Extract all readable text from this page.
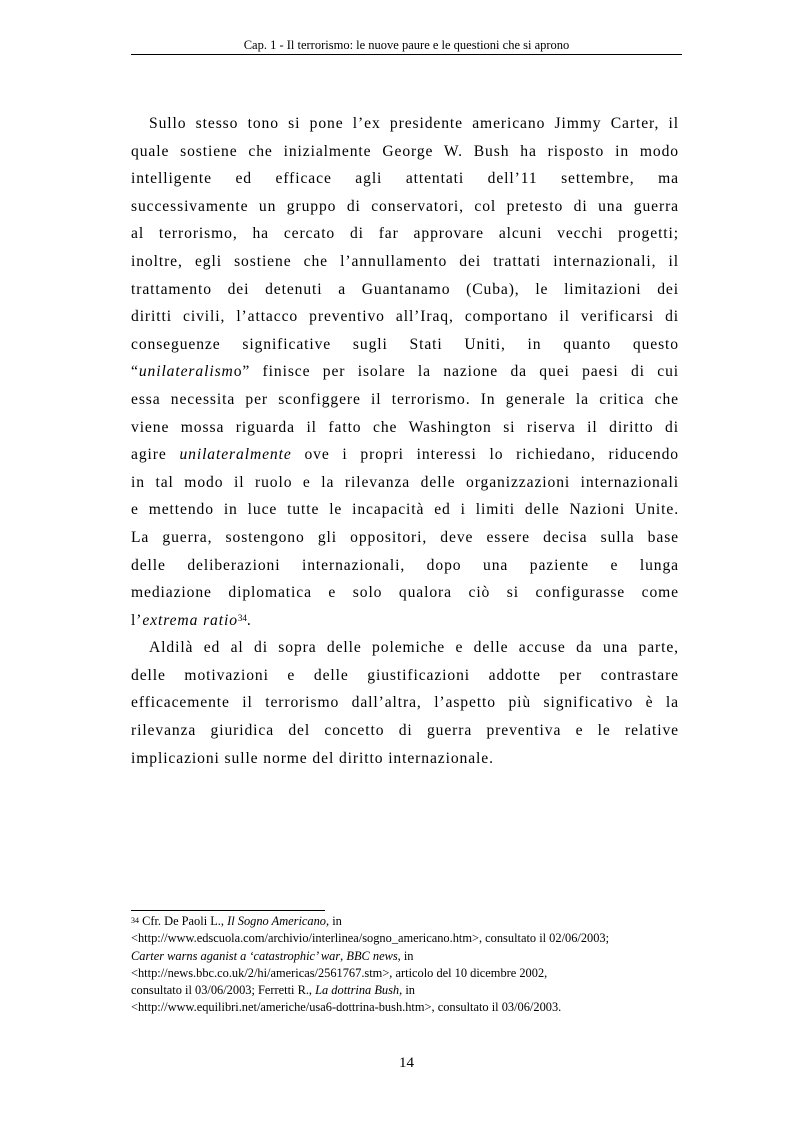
Cap. 1 - Il terrorismo: le nuove paure e le questioni che si aprono
Sullo stesso tono si pone l’ex presidente americano Jimmy Carter, il
quale sostiene che inizialmente George W. Bush ha risposto in modo
intelligente ed efficace agli attentati dell’11 settembre, ma
successivamente un gruppo di conservatori, col pretesto di una guerra
al terrorismo, ha cercato di far approvare alcuni vecchi progetti;
inoltre, egli sostiene che l’annullamento dei trattati internazionali, il
trattamento dei detenuti a Guantanamo (Cuba), le limitazioni dei
diritti civili, l’attacco preventivo all’Iraq, comportano il verificarsi di
conseguenze significative sugli Stati Uniti, in quanto questo
“unilateralismo” finisce per isolare la nazione da quei paesi di cui
essa necessita per sconfiggere il terrorismo. In generale la critica che
viene mossa riguarda il fatto che Washington si riserva il diritto di
agire unilateralmente ove i propri interessi lo richiedano, riducendo
in tal modo il ruolo e la rilevanza delle organizzazioni internazionali
e mettendo in luce tutte le incapacità ed i limiti delle Nazioni Unite.
La guerra, sostengono gli oppositori, deve essere decisa sulla base
delle deliberazioni internazionali, dopo una paziente e lunga
mediazione diplomatica e solo qualora ciò si configurasse come
l’extrema ratio$^{34}$.
Aldilà ed al di sopra delle polemiche e delle accuse da una parte,
delle motivazioni e delle giustificazioni addotte per contrastare
efficacemente il terrorismo dall’altra, l’aspetto più significativo è la
rilevanza giuridica del concetto di guerra preventiva e le relative
implicazioni sulle norme del diritto internazionale.
$^{34}$ Cfr. De Paoli L., Il Sogno Americano, in
<http://www.edscuola.com/archivio/interlinea/sogno_americano.htm>, consultato il 02/06/2003;
Carter warns aganist a ‘catastrophic’ war, BBC news, in
<http://news.bbc.co.uk/2/hi/americas/2561767.stm>, articolo del 10 dicembre 2002,
consultato il 03/06/2003; Ferretti R., La dottrina Bush, in
<http://www.equilibri.net/americhe/usa6-dottrina-bush.htm>, consultato il 03/06/2003.
14
